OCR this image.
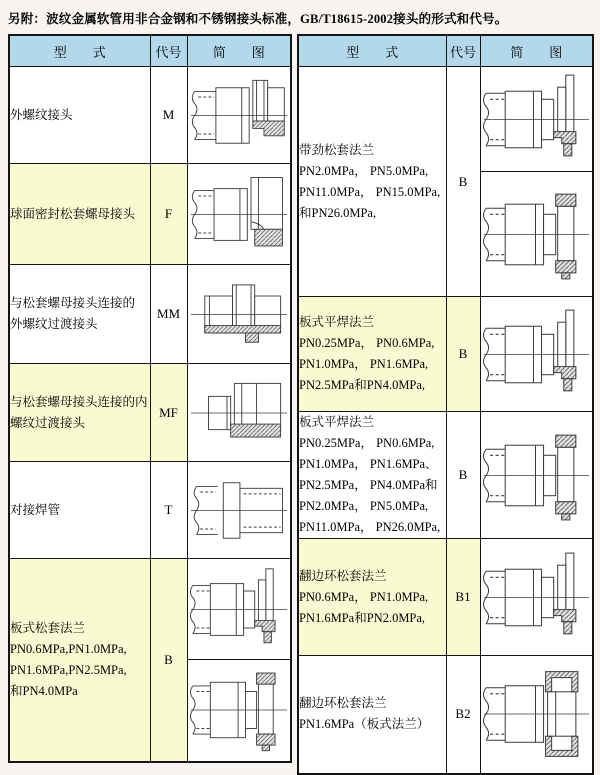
另附：波纹金属软管用非合金钢和不锈钢接头标准，GB/T18615-2002接头的形式和代号。
型　　式	代号	简　　图

外螺纹接头	M	

球面密封松套螺母接头	F	

与松套螺母接头连接的
外螺纹过渡接头	MM	

与松套螺母接头连接的内
螺纹过渡接头	MF	

对接焊管	T	

板式松套法兰
PN0.6MPa,PN1.0MPa,
PN1.6MPa,PN2.5MPa,
和PN4.0MPa	B	

型　　式	代号	简　　图

带劲松套法兰
PN2.0MPa， PN5.0MPa,
PN11.0MPa， PN15.0MPa,
和PN26.0MPa,	B	

板式平焊法兰
PN0.25MPa， PN0.6MPa,
PN1.0MPa， PN1.6MPa,
PN2.5MPa和PN4.0MPa,	B	

板式平焊法兰
PN0.25MPa， PN0.6MPa,
PN1.0MPa， PN1.6MPa、
PN2.5MPa， PN4.0MPa和
PN2.0MPa， PN5.0MPa,
PN11.0MPa， PN26.0MPa,
	B	

翻边环松套法兰
PN0.6MPa， PN1.0MPa,
PN1.6MPa和PN2.0MPa,	B1	

翻边环松套法兰
PN1.6MPa（板式法兰）	B2	
